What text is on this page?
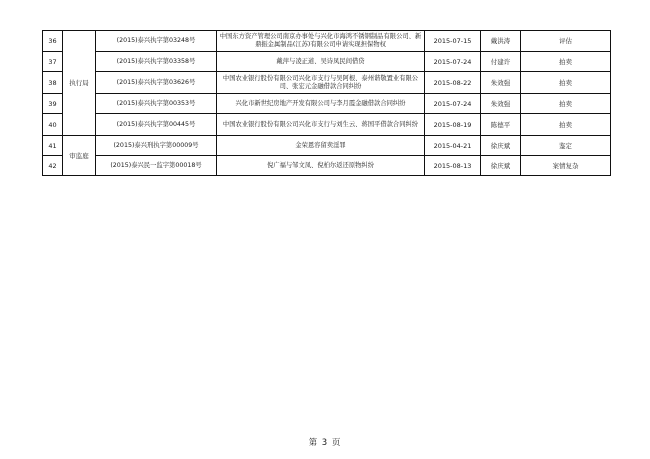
36	执行局	(2015)泰兴执字第03248号	中国东方资产管理公司南京办事处与兴化市海鸿不锈钢制品有限公司、新鼎振金属制品(江苏)有限公司申请实现担保物权	2015-07-15	戴洪涛	评估
37		(2015)泰兴执字第03358号	戴萍与凌正道、吴诗凤民间借贷	2015-07-24	付建许	拍卖
38		(2015)泰兴执字第03626号	中国农业银行股份有限公司兴化市支行与吴阿根、泰州谐敬置业有限公司、张宏元金融借款合同纠纷	2015-08-22	朱效强	拍卖
39		(2015)泰兴执字第00353号	兴化市新世纪房地产开发有限公司与李月霞金融借款合同纠纷	2015-07-24	朱效强	拍卖
40		(2015)泰兴执字第00445号	中国农业银行股份有限公司兴化市支行与刘生云、蒋国平借款合同纠纷	2015-08-19	陈德平	拍卖
41	审监庭	(2015)泰兴刑执字第00009号	金荣恩容留卖淫罪	2015-04-21	徐庆斌	鉴定
42		(2015)泰兴民一监字第00018号	倪广福与邹文凤、倪柏尔返还原物纠纷	2015-08-13	徐庆斌	案情复杂
第 3 页
